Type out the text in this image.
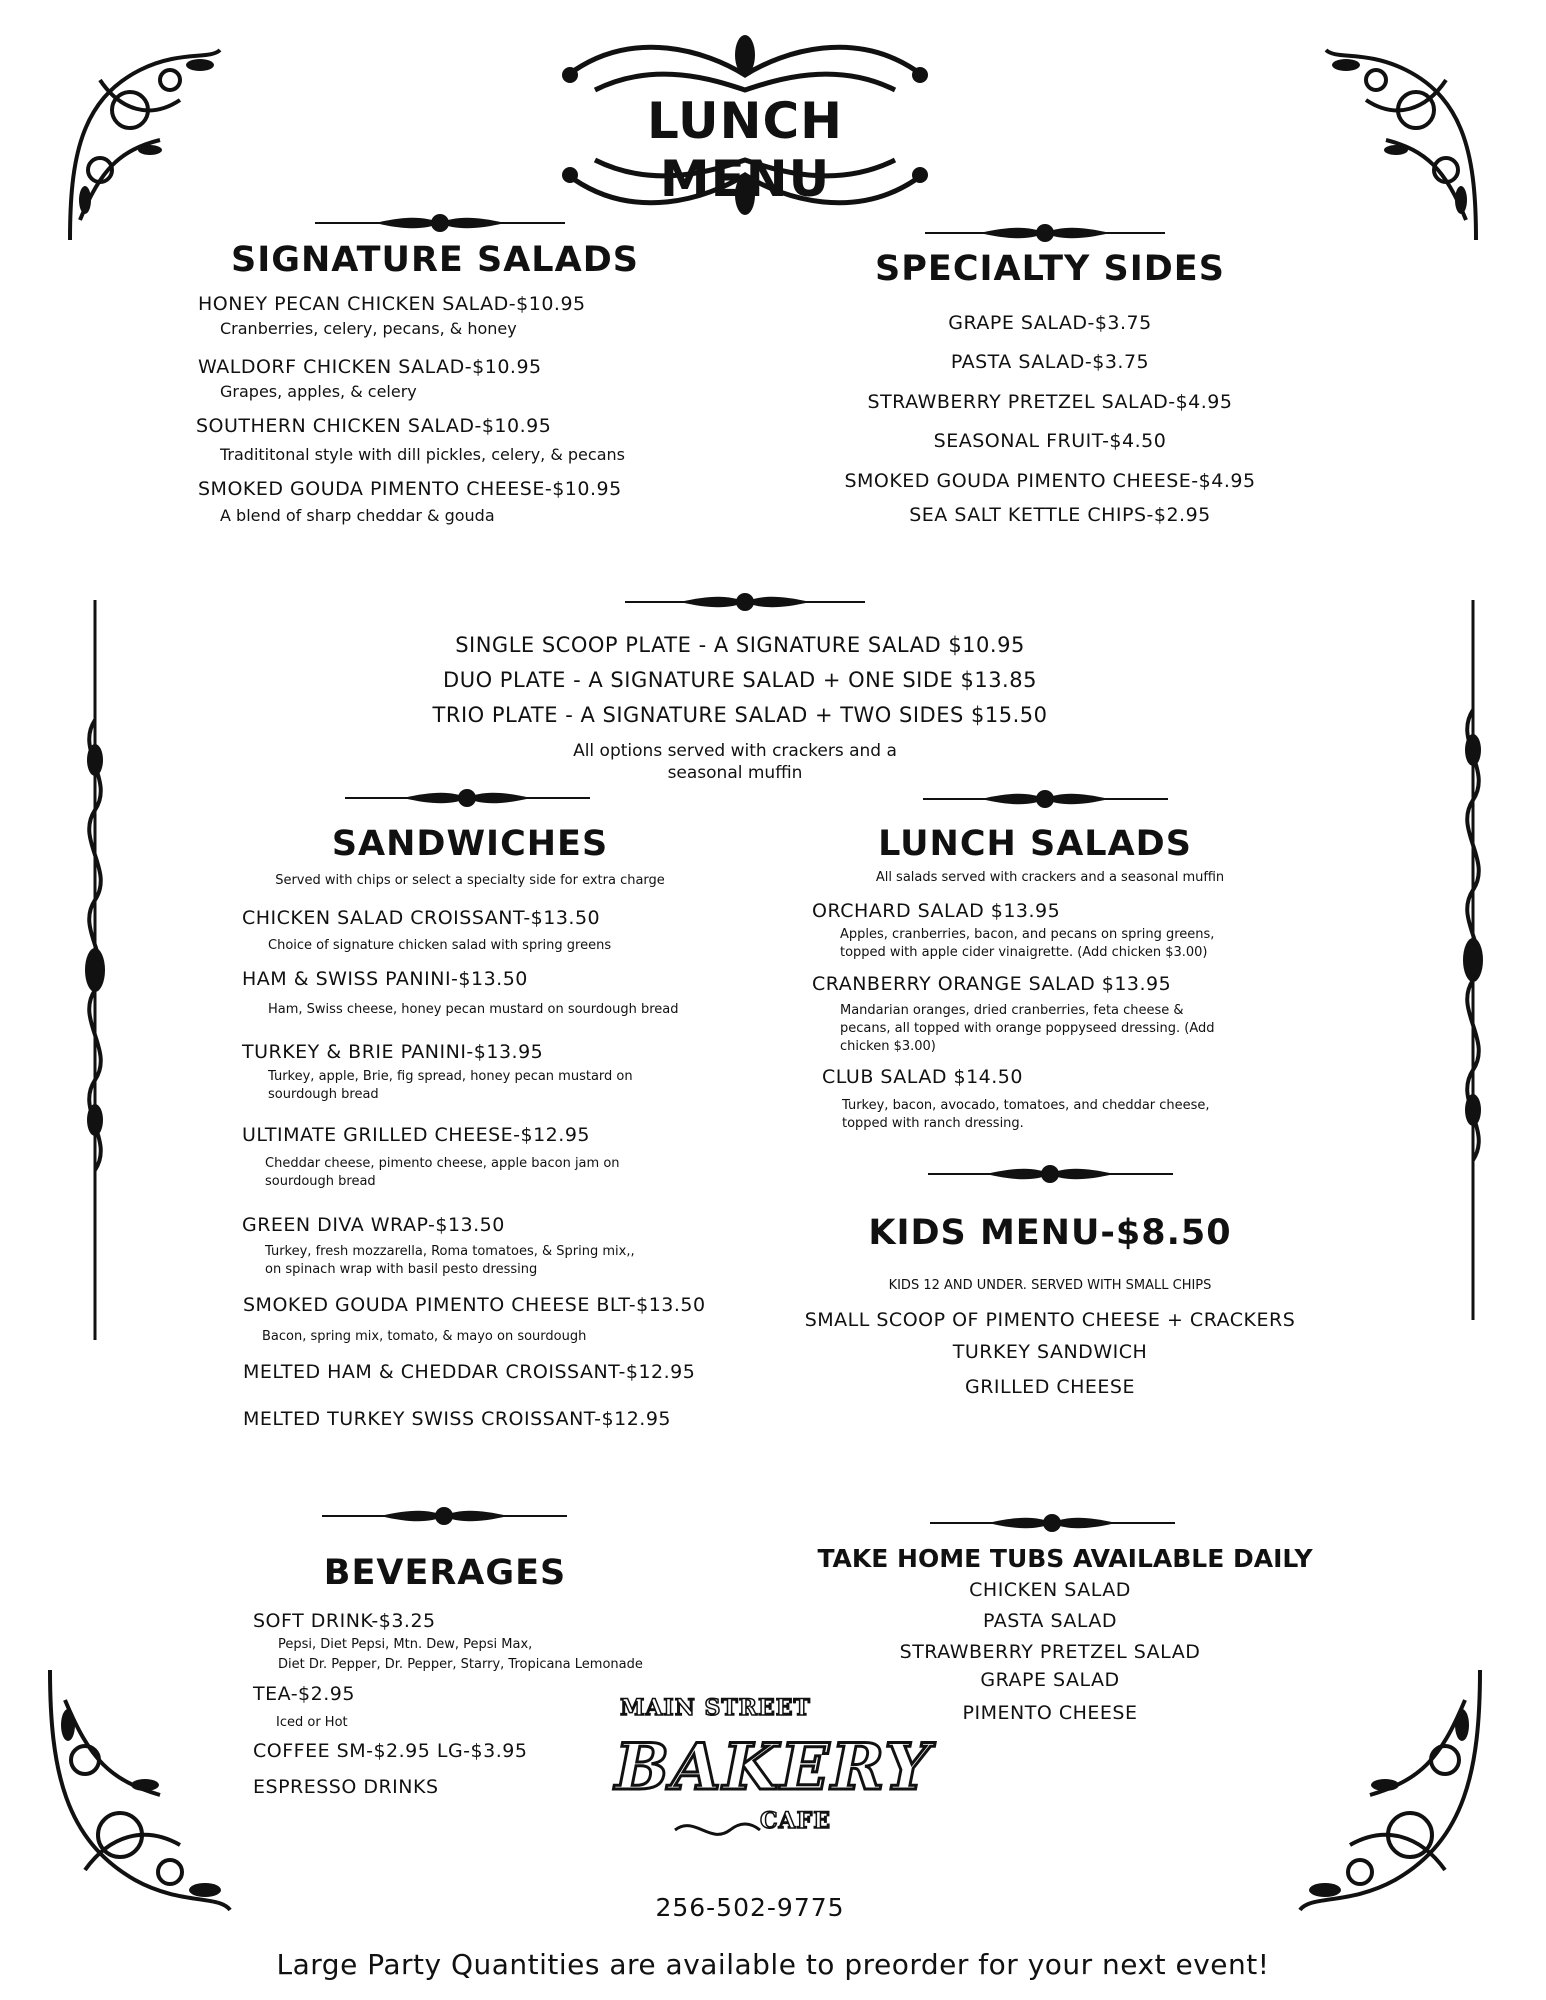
LUNCH MENU
SIGNATURE SALADS
HONEY PECAN CHICKEN SALAD-$10.95
Cranberries, celery, pecans, & honey
WALDORF CHICKEN SALAD-$10.95
Grapes, apples, & celery
SOUTHERN CHICKEN SALAD-$10.95
Tradititonal style with dill pickles, celery, & pecans
SMOKED GOUDA PIMENTO CHEESE-$10.95
A blend of sharp cheddar & gouda
SPECIALTY SIDES
GRAPE SALAD-$3.75
PASTA SALAD-$3.75
STRAWBERRY PRETZEL SALAD-$4.95
SEASONAL FRUIT-$4.50
SMOKED GOUDA PIMENTO CHEESE-$4.95
SEA SALT KETTLE CHIPS-$2.95
SINGLE SCOOP PLATE - A SIGNATURE SALAD $10.95
DUO PLATE - A SIGNATURE SALAD + ONE SIDE $13.85
TRIO PLATE - A SIGNATURE SALAD + TWO SIDES $15.50
All options served with crackers and a
seasonal muffin
SANDWICHES
Served with chips or select a specialty side for extra charge
CHICKEN SALAD CROISSANT-$13.50
Choice of signature chicken salad with spring greens
HAM & SWISS PANINI-$13.50
Ham, Swiss cheese, honey pecan mustard on sourdough bread
TURKEY & BRIE PANINI-$13.95
Turkey, apple, Brie, fig spread, honey pecan mustard on
sourdough bread
ULTIMATE GRILLED CHEESE-$12.95
Cheddar cheese, pimento cheese, apple bacon jam on
sourdough bread
GREEN DIVA WRAP-$13.50
Turkey, fresh mozzarella, Roma tomatoes, & Spring mix,,
on spinach wrap with basil pesto dressing
SMOKED GOUDA PIMENTO CHEESE BLT-$13.50
Bacon, spring mix, tomato, & mayo on sourdough
MELTED HAM & CHEDDAR CROISSANT-$12.95
MELTED TURKEY SWISS CROISSANT-$12.95
LUNCH SALADS
All salads served with crackers and a seasonal muffin
ORCHARD SALAD $13.95
Apples, cranberries, bacon, and pecans on spring greens,
topped with apple cider vinaigrette. (Add chicken $3.00)
CRANBERRY ORANGE SALAD $13.95
Mandarian oranges, dried cranberries, feta cheese &
pecans, all topped with orange poppyseed dressing. (Add
chicken $3.00)
CLUB SALAD $14.50
Turkey, bacon, avocado, tomatoes, and cheddar cheese,
topped with ranch dressing.
KIDS MENU-$8.50
KIDS 12 AND UNDER. SERVED WITH SMALL CHIPS
SMALL SCOOP OF PIMENTO CHEESE + CRACKERS
TURKEY SANDWICH
GRILLED CHEESE
BEVERAGES
SOFT DRINK-$3.25
Pepsi, Diet Pepsi, Mtn. Dew, Pepsi Max,
Diet Dr. Pepper, Dr. Pepper, Starry, Tropicana Lemonade
TEA-$2.95
Iced or Hot
COFFEE SM-$2.95 LG-$3.95
ESPRESSO DRINKS
TAKE HOME TUBS AVAILABLE DAILY
CHICKEN SALAD
PASTA SALAD
STRAWBERRY PRETZEL SALAD
GRAPE SALAD
PIMENTO CHEESE
MAIN STREET
BAKERY
CAFE
256-502-9775
Large Party Quantities are available to preorder for your next event!
